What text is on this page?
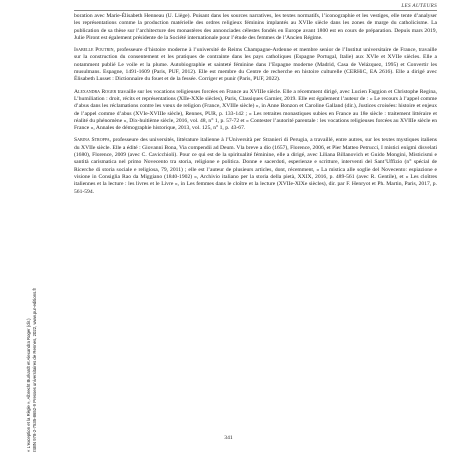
LES AUTEURS

boration avec Marie-Élisabeth Henneau (U. Liège). Puisant dans les sources narratives, les textes normatifs, l’iconographie et les vestiges, elle tente d’analyser les représentations comme la production matérielle des ordres religieux féminins implantés au XVIIe siècle dans les zones de marge du catholicisme. La publication de sa thèse sur l’architecture des monastères des annonciades célestes fondés en Europe avant 1800 est en cours de préparation. Depuis mars 2019, Julie Piront est également présidente de la Société internationale pour l’étude des femmes de l’Ancien Régime.

Isabelle Poutrin, professeure d’histoire moderne à l’université de Reims Champagne-Ardenne et membre senior de l’Institut universitaire de France, travaille sur la construction du consentement et les pratiques de contrainte dans les pays catholiques (Espagne Portugal, Italie) aux XVIe et XVIIe siècles. Elle a notamment publié Le voile et la plume. Autobiographie et sainteté féminine dans l’Espagne moderne (Madrid, Casa de Velázquez, 1995) et Convertir les musulmans. Espagne, 1491-1609 (Paris, PUF, 2012). Elle est membre du Centre de recherche en histoire culturelle (CERHiC, EA 2616). Elle a dirigé avec Élisabeth Lusset : Dictionnaire du fouet et de la fessée. Corriger et punir (Paris, PUF, 2022).

Alexandra Roger travaille sur les vocations religieuses forcées en France au XVIIIe siècle. Elle a récemment dirigé, avec Lucien Faggion et Christophe Regina, L’humiliation : droit, récits et représentations (XIIe-XXIe siècles), Paris, Classiques Garnier, 2019. Elle est également l’auteur de : « Le recours à l’appel comme d’abus dans les réclamations contre les vœux de religion (France, XVIIIe siècle) », in Anne Bonzon et Caroline Galland (dir.), Justices croisées: histoire et enjeux de l’appel comme d’abus (XVIe-XVIIIe siècle), Rennes, PUR, p. 133-142 ; « Les retraites monastiques subies en France au 18e siècle : traitement littéraire et réalité du phénomène », Dix-huitième siècle, 2016, vol. 48, n° 1, p. 57-72 et « Contester l’autorité parentale : les vocations religieuses forcées au XVIIIe siècle en France », Annales de démographie historique, 2013, vol. 125, n° 1, p. 43-67.

Sabina Stroppa, professeure des universités, littérature italienne à l’Università per Stranieri di Perugia, a travaillé, entre autres, sur les textes mystiques italiens du XVIIe siècle. Elle a édité : Giovanni Bona, Via compendii ad Deum. Vla breve a dio (1657), Florence, 2006, et Pier Matteo Petrucci, I mistici enigmi disvelati (1680), Florence, 2009 (avec C. Cavicchioli). Pour ce qui est de la spiritualité féminine, elle a dirigé, avec Liliana Billanovich et Guido Mongini, Misticismi e santità carismatica nel primo Novecento tra storia, religione e politica. Donne e sacerdoti, esperienze e scritture, interventi del Sant’Uffizio (n° spécial de Ricerche di storia sociale e religiosa, 79, 2011) ; elle est l’auteur de plusieurs articles, dont, récemment, « La mistica alle soglie del Novecento: espiazione e visione in Consiglia Rao da Miggiano (1840-1902) », Archivio italiano per la storia della pietà, XXIX, 2016, p. 489-561 (avec R. Gentile), et « Les cloîtres italiennes et la lecture : les livres et le Livre », in Les femmes dans le cloître et la lecture (XVIIe-XIXe siècles), dir. par F. Henryot et Ph. Martin, Paris, 2017, p. 561-594.

341
« L’exception et la Règle », Albrecht Burkardt et Alexandra Roger (dir.) ISBN 978-2-7535-8652-9 Presses universitaires de Rennes, 2022, www.pur-editions.fr
